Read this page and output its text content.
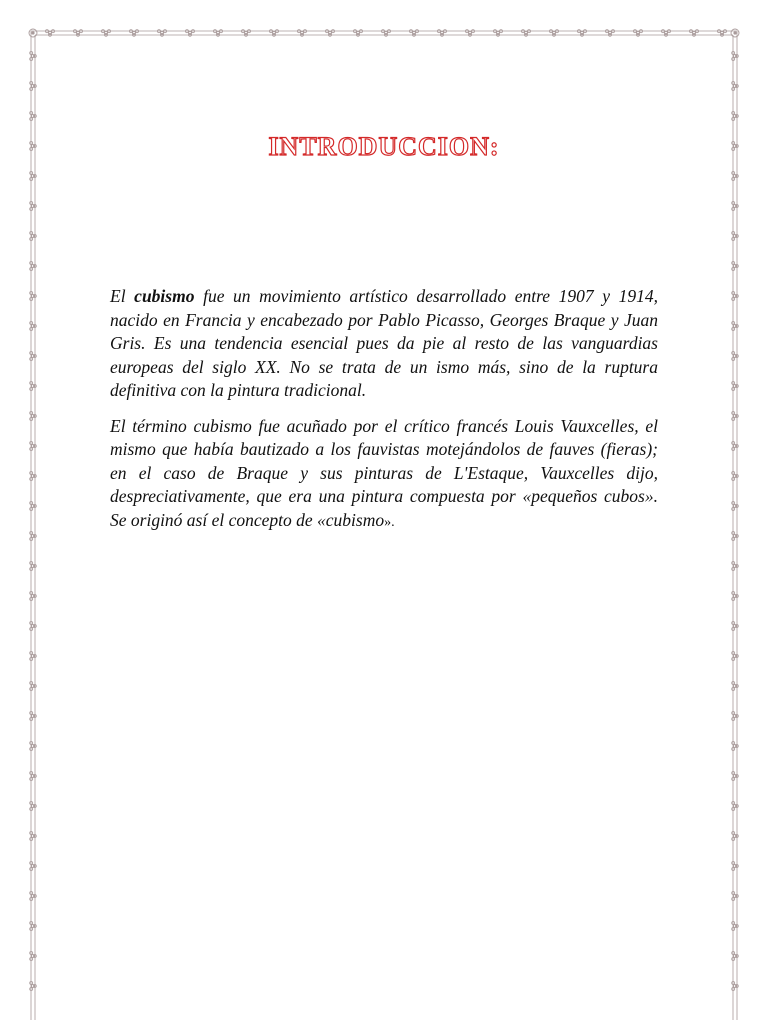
INTRODUCCION:

El cubismo fue un movimiento artístico desarrollado entre 1907 y 1914, nacido en Francia y encabezado por Pablo Picasso, Georges Braque y Juan Gris. Es una tendencia esencial pues da pie al resto de las vanguardias europeas del siglo XX. No se trata de un ismo más, sino de la ruptura definitiva con la pintura tradicional.

El término cubismo fue acuñado por el crítico francés Louis Vauxcelles, el mismo que había bautizado a los fauvistas motejándolos de fauves (fieras); en el caso de Braque y sus pinturas de L'Estaque, Vauxcelles dijo, despreciativamente, que era una pintura compuesta por «pequeños cubos». Se originó así el concepto de «cubismo».
